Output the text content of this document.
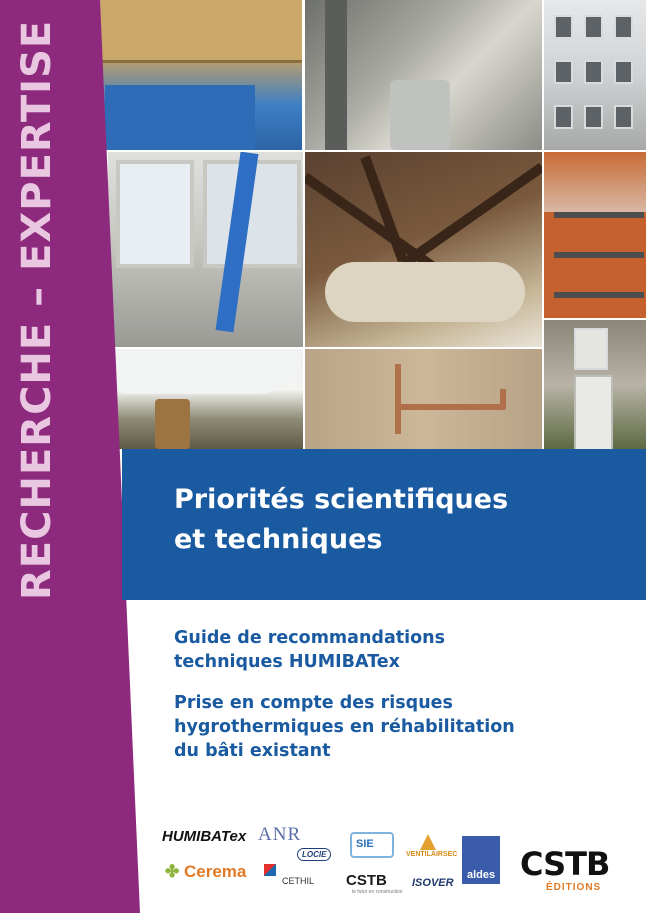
RECHERCHE – EXPERTISE	Priorités scientifiques
et techniques
Guide de recommandations
techniques HUMIBATex
Prise en compte des risques
hygrothermiques en réhabilitation
du bâti existant
HUMIBATex ANR
✤ Cerema
LOCIE
CETHIL
SIE
CSTB
le futur en construction
VENTILAIRSEC
ISOVER
aldes CSTB
ÉDITIONS
